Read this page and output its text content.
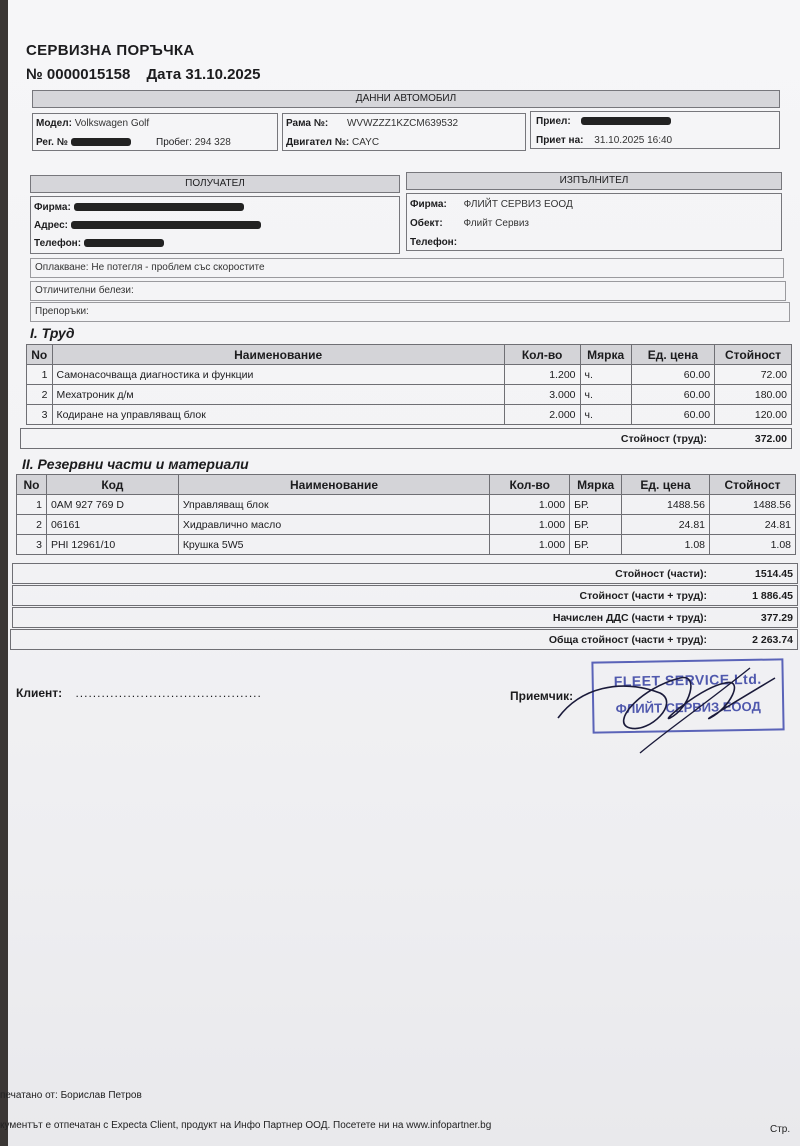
СЕРВИЗНА ПОРЪЧКА
№ 0000015158 Дата 31.10.2025
ДАННИ АВТОМОБИЛ
Модел: Volkswagen Golf
Рег. №	Пробег: 294 328
Рама №: WVWZZZ1KZCM639532
Двигател №: CAYC
Приел:
Приет на: 31.10.2025 16:40
ПОЛУЧАТЕЛ	ИЗПЪЛНИТЕЛ
Фирма:
Адрес:
Телефон:
Фирма: ФЛИЙТ СЕРВИЗ ЕООД
Обект: Флийт Сервиз
Телефон:
Оплакване: Не потегля - проблем със скоростите
Отличителни белези:
Препоръки:
I. Труд
No	Наименование	Кол-во	Мярка	Ед. цена	Стойност
1	Самонасочваща диагностика и функции	1.200	ч.	60.00	72.00
2	Мехатроник д/м	3.000	ч.	60.00	180.00
3	Кодиране на управляващ блок	2.000	ч.	60.00	120.00
Стойност (труд):	372.00
II. Резервни части и материали
No	Код	Наименование	Кол-во	Мярка	Ед. цена	Стойност
1	0AM 927 769 D	Управляващ блок	1.000	БР.	1488.56	1488.56
2	06161	Хидравлично масло	1.000	БР.	24.81	24.81
3	PHI 12961/10	Крушка 5W5	1.000	БР.	1.08	1.08
Стойност (части):	1514.45
Стойност (части + труд):	1 886.45
Начислен ДДС (части + труд):	377.29
Обща стойност (части + труд):	2 263.74
Клиент: ...........................................	Приемчик:
FLEET SERVICE Ltd.
ФЛИЙТ СЕРВИЗ ЕООД
печатано от: Борислав Петров
кументът е отпечатан с Expecta Client, продукт на Инфо Партнер ООД. Посетете ни на www.infopartner.bg	Стр.
